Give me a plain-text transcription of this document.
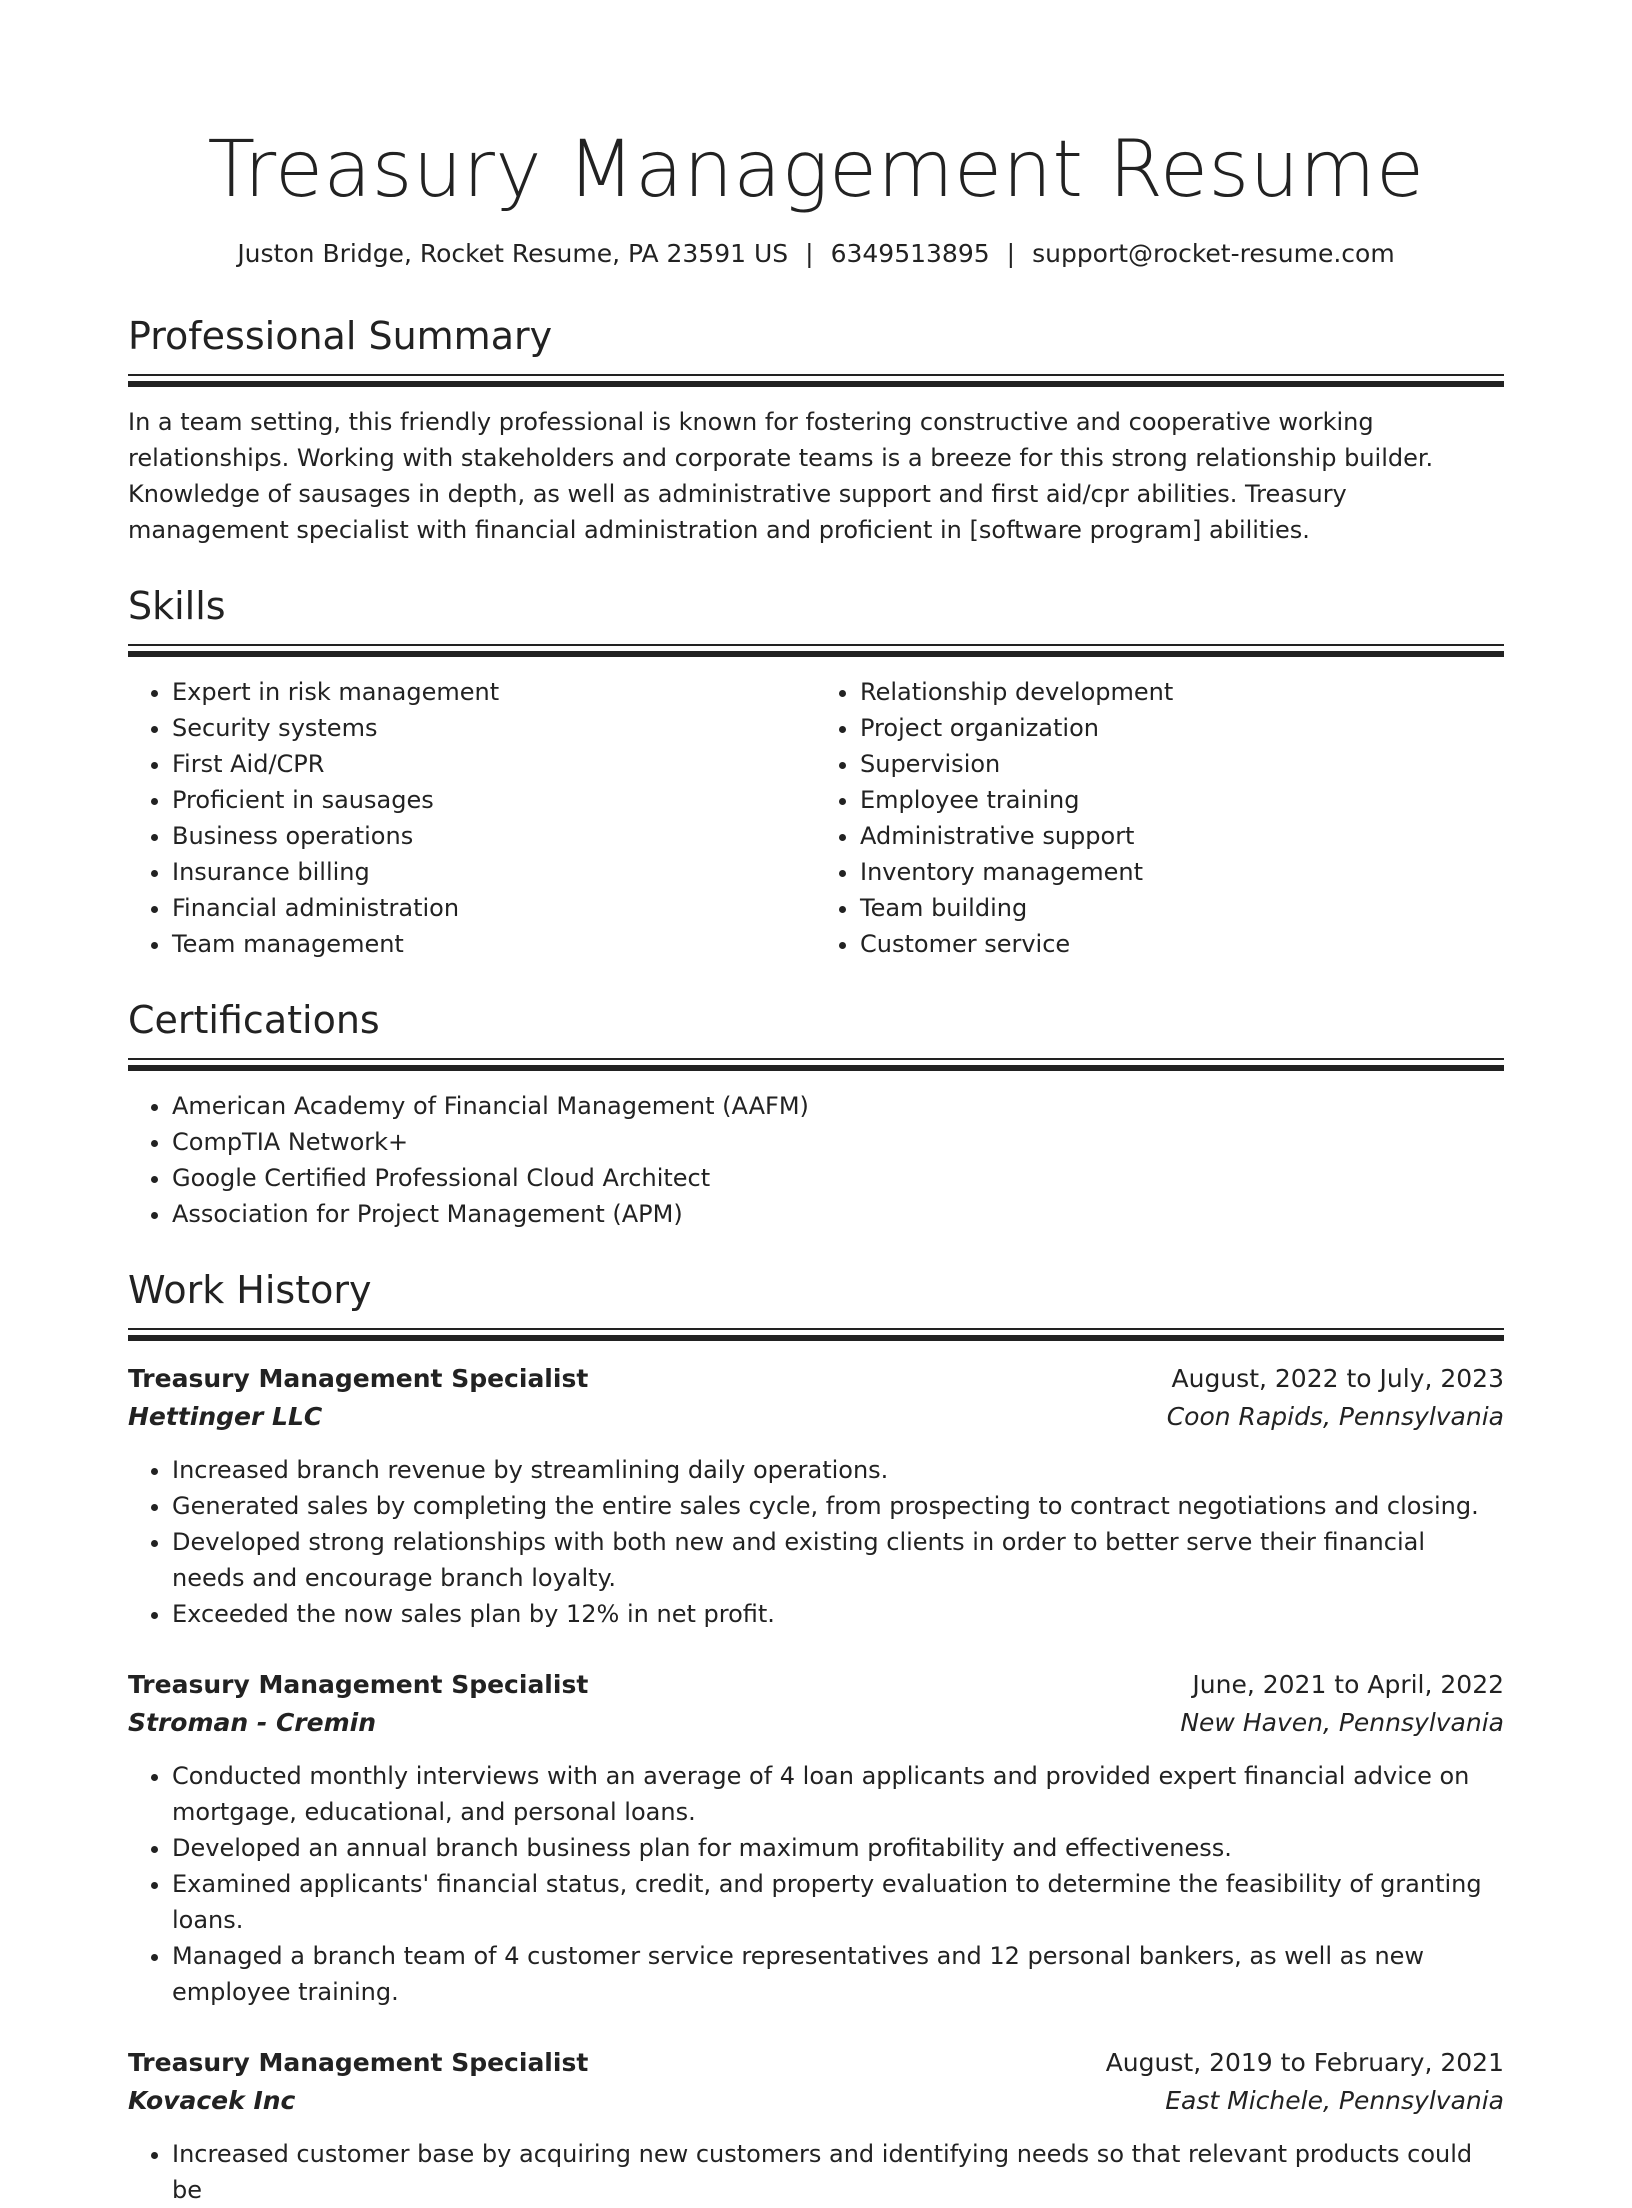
Treasury Management Resume
Juston Bridge, Rocket Resume, PA 23591 US | 6349513895 | support@rocket-resume.com
Professional Summary

In a team setting, this friendly professional is known for fostering constructive and cooperative working relationships. Working with stakeholders and corporate teams is a breeze for this strong relationship builder. Knowledge of sausages in depth, as well as administrative support and first aid/cpr abilities. Treasury management specialist with financial administration and proficient in [software program] abilities.

Skills
• Expert in risk management
• Security systems
• First Aid/CPR
• Proficient in sausages
• Business operations
• Insurance billing
• Financial administration
• Team management
• Relationship development
• Project organization
• Supervision
• Employee training
• Administrative support
• Inventory management
• Team building
• Customer service
Certifications
• American Academy of Financial Management (AAFM)
• CompTIA Network+
• Google Certified Professional Cloud Architect
• Association for Project Management (APM)
Work History
Treasury Management Specialist	August, 2022 to July, 2023
Hettinger LLC	Coon Rapids, Pennsylvania
• Increased branch revenue by streamlining daily operations.
• Generated sales by completing the entire sales cycle, from prospecting to contract negotiations and closing.
• Developed strong relationships with both new and existing clients in order to better serve their financial needs and encourage branch loyalty.
• Exceeded the now sales plan by 12% in net profit.
Treasury Management Specialist	June, 2021 to April, 2022
Stroman - Cremin	New Haven, Pennsylvania
• Conducted monthly interviews with an average of 4 loan applicants and provided expert financial advice on mortgage, educational, and personal loans.
• Developed an annual branch business plan for maximum profitability and effectiveness.
• Examined applicants' financial status, credit, and property evaluation to determine the feasibility of granting loans.
• Managed a branch team of 4 customer service representatives and 12 personal bankers, as well as new employee training.
Treasury Management Specialist	August, 2019 to February, 2021
Kovacek Inc	East Michele, Pennsylvania
• Increased customer base by acquiring new customers and identifying needs so that relevant products could be
